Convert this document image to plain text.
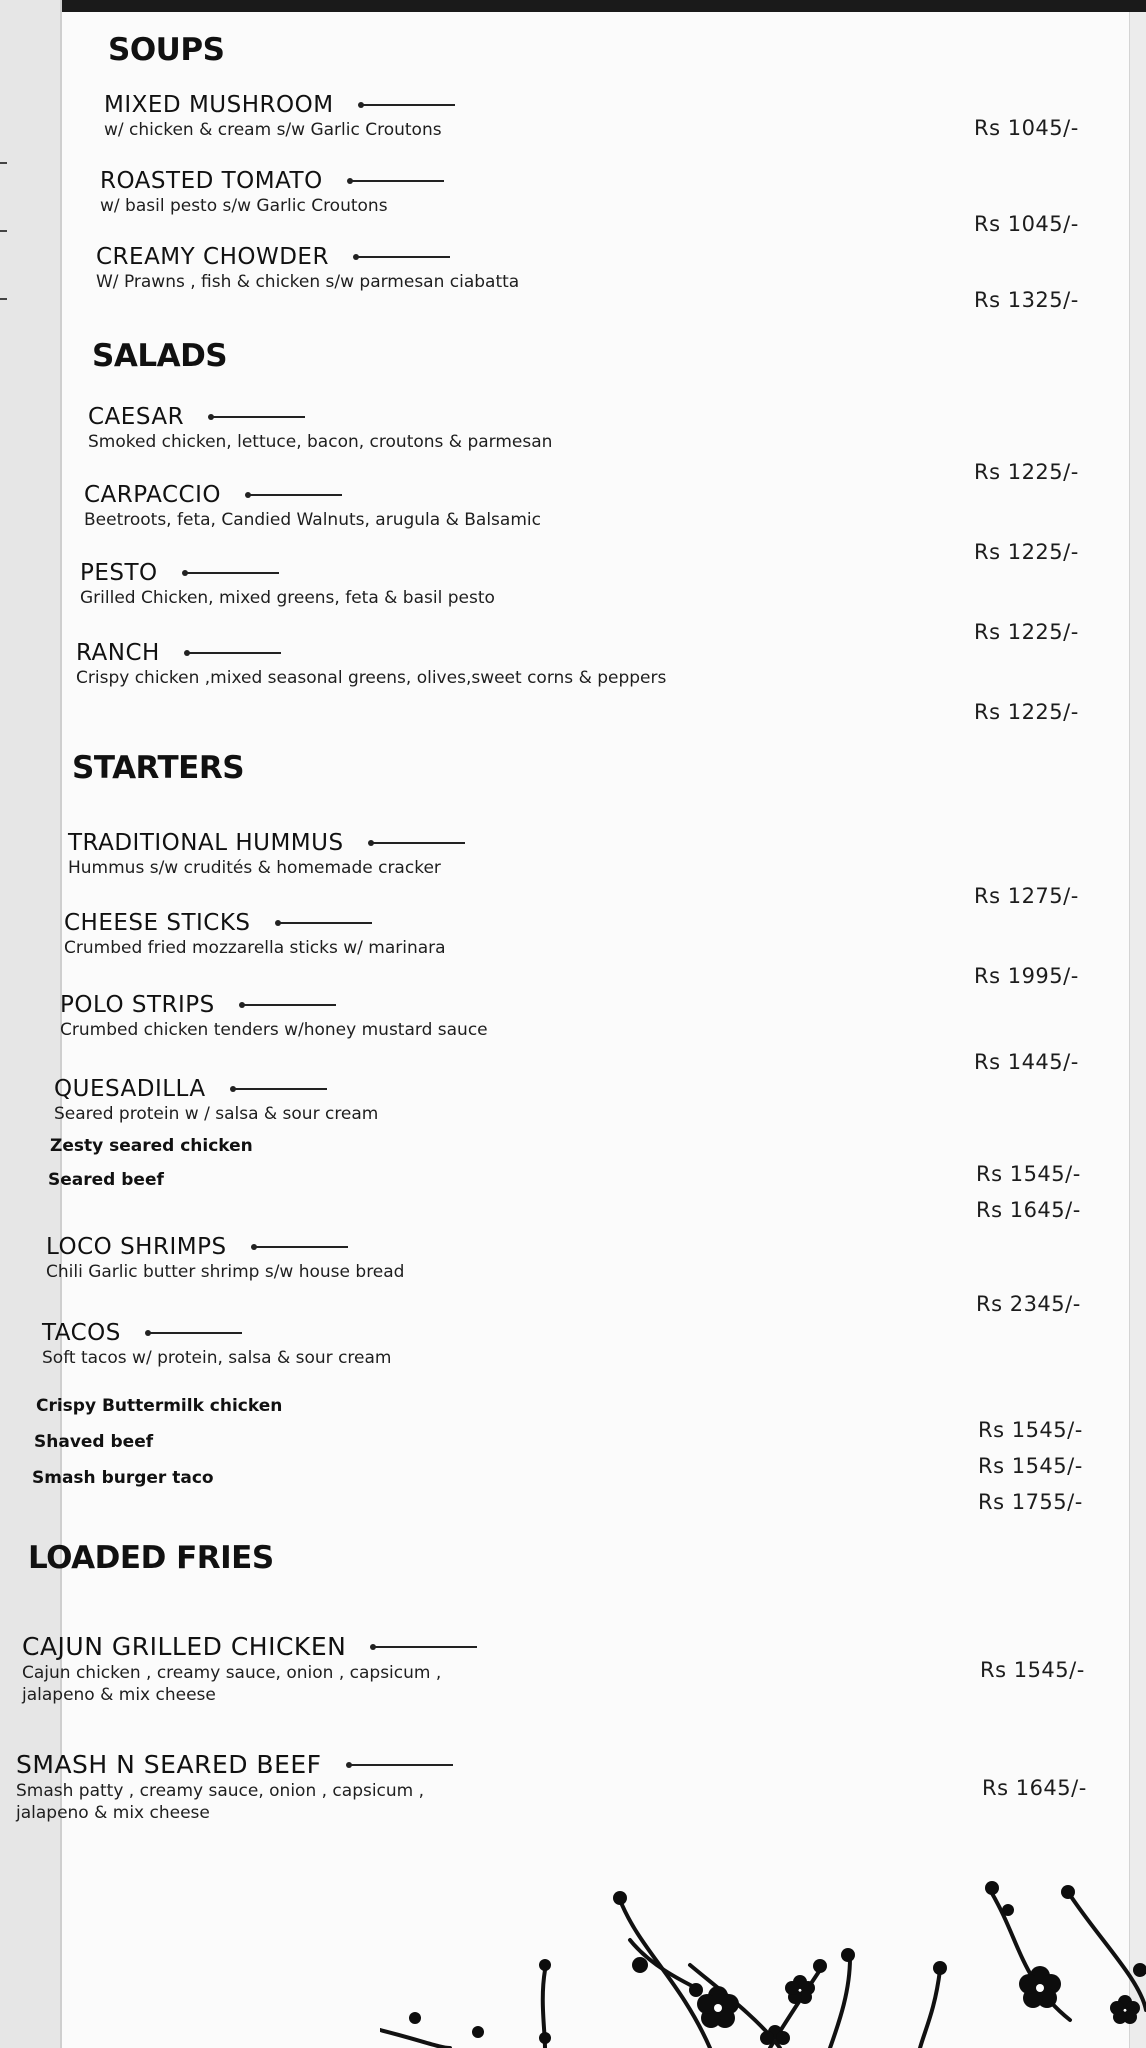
SOUPS
MIXED MUSHROOM
w/ chicken & cream s/w Garlic Croutons	Rs 1045/-
ROASTED TOMATO
w/ basil pesto s/w Garlic Croutons
Rs 1045/-
CREAMY CHOWDER
W/ Prawns , fish & chicken s/w parmesan ciabatta
Rs 1325/-
SALADS
CAESAR
Smoked chicken, lettuce, bacon, croutons & parmesan
Rs 1225/-
CARPACCIO
Beetroots, feta, Candied Walnuts, arugula & Balsamic
Rs 1225/-
PESTO
Grilled Chicken, mixed greens, feta & basil pesto
Rs 1225/-
RANCH
Crispy chicken ,mixed seasonal greens, olives,sweet corns & peppers
Rs 1225/-
STARTERS
TRADITIONAL HUMMUS
Hummus s/w crudités & homemade cracker
Rs 1275/-
CHEESE STICKS
Crumbed fried mozzarella sticks w/ marinara
Rs 1995/-
POLO STRIPS
Crumbed chicken tenders w/honey mustard sauce
Rs 1445/-
QUESADILLA
Seared protein w / salsa & sour cream
Zesty seared chicken
Seared beef	Rs 1545/-
Rs 1645/-
LOCO SHRIMPS
Chili Garlic butter shrimp s/w house bread
Rs 2345/-
TACOS
Soft tacos w/ protein, salsa & sour cream
Crispy Buttermilk chicken
Shaved beef
Smash burger taco
Rs 1545/-
Rs 1545/-
Rs 1755/-
LOADED FRIES
CAJUN GRILLED CHICKEN
Cajun chicken , creamy sauce, onion , capsicum ,
jalapeno & mix cheese
Rs 1545/-
SMASH N SEARED BEEF
Smash patty , creamy sauce, onion , capsicum ,
jalapeno & mix cheese
Rs 1645/-
